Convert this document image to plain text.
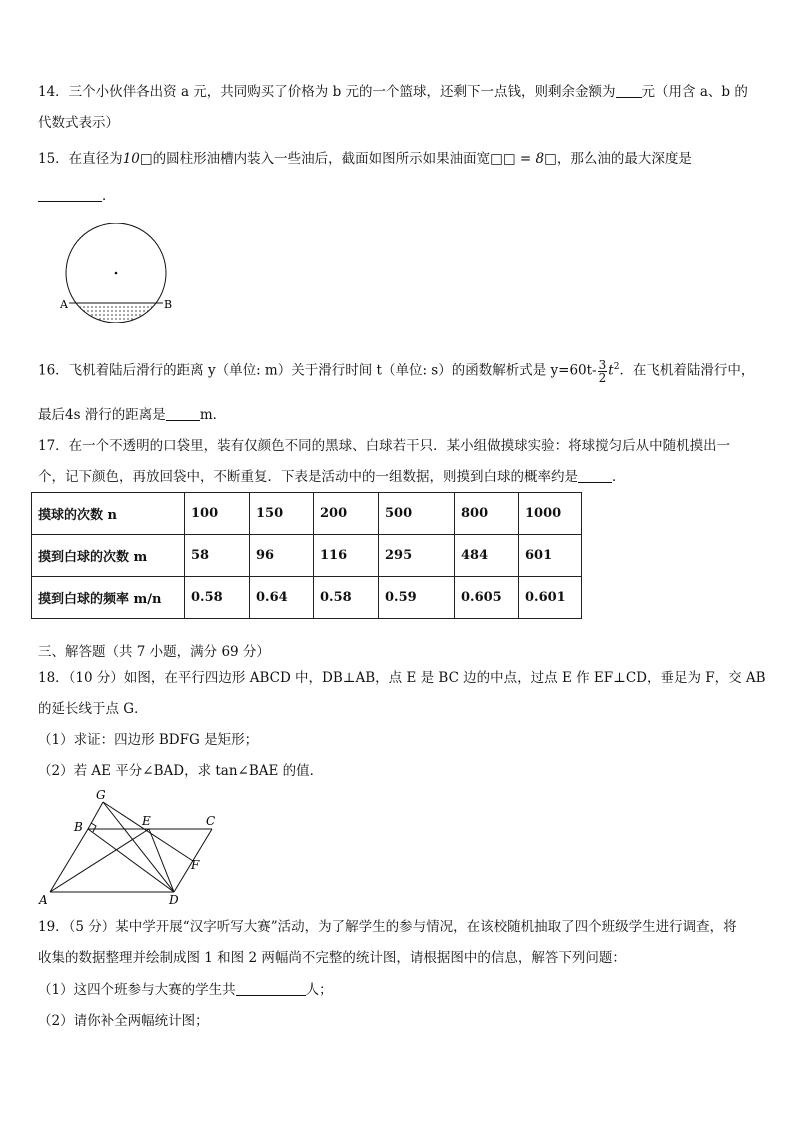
14．三个小伙伴各出资 a 元，共同购买了价格为 b 元的一个篮球，还剩下一点钱，则剩余金额为 元（用含 a、b 的
代数式表示）
15．在直径为10□的圆柱形油槽内装入一些油后，截面如图所示如果油面宽□□ = 8□，那么油的最大深度是
．
A	B
16．飞机着陆后滑行的距离 y（单位: m）关于滑行时间 t（单位: s）的函数解析式是 $y=60t- \frac{3}{2} t^2$．在飞机着陆滑行中，
最后4s 滑行的距离是	m．
17．在一个不透明的口袋里，装有仅颜色不同的黑球、白球若干只．某小组做摸球实验：将球搅匀后从中随机摸出一
个，记下颜色，再放回袋中，不断重复．下表是活动中的一组数据，则摸到白球的概率约是	．
摸球的次数 n	100	150	200	500	800	1000
摸到白球的次数 m	58	96	116	295	484	601
摸到白球的频率 m/n	0.58	0.64	0.58	0.59	0.605	0.601
三、解答题（共 7 小题，满分 69 分）
18．（10 分）如图，在平行四边形 ABCD 中，DB⊥AB，点 E 是 BC 边的中点，过点 E 作 EF⊥CD，垂足为 F，交 AB
的延长线于点 G．
（1）求证：四边形 BDFG 是矩形；
（2）若 AE 平分∠BAD，求 tan∠BAE 的值．
G
B	E	C
F
A	D
19．（5 分）某中学开展“汉字听写大赛”活动，为了解学生的参与情况，在该校随机抽取了四个班级学生进行调查，将
收集的数据整理并绘制成图 1 和图 2 两幅尚不完整的统计图，请根据图中的信息，解答下列问题：
（1）这四个班参与大赛的学生共	人；
（2）请你补全两幅统计图；
